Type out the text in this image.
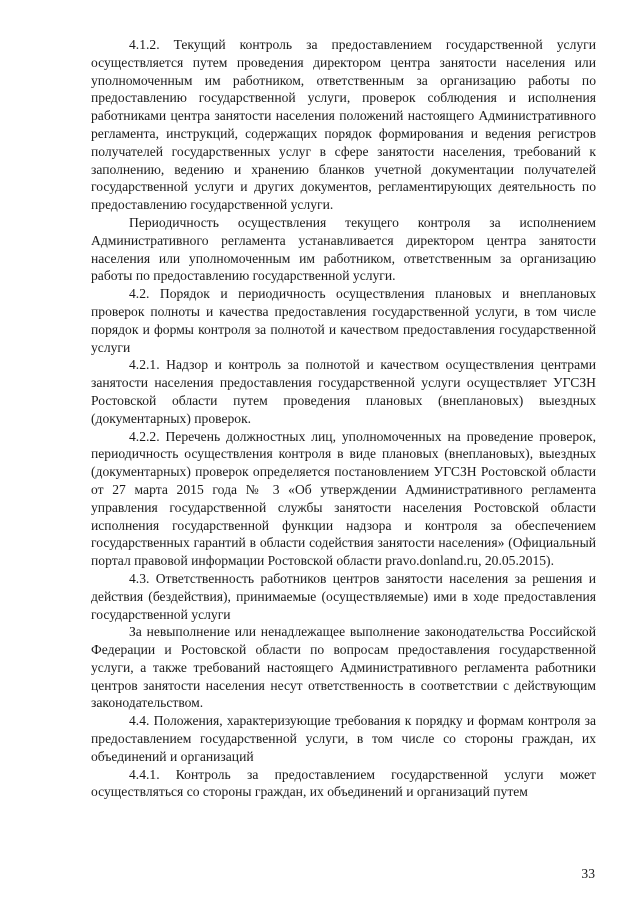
4.1.2. Текущий контроль за предоставлением государственной услуги осуществляется путем проведения директором центра занятости населения или уполномоченным им работником, ответственным за организацию работы по предоставлению государственной услуги, проверок соблюдения и исполнения работниками центра занятости населения положений настоящего Административного регламента, инструкций, содержащих порядок формирования и ведения регистров получателей государственных услуг в сфере занятости населения, требований к заполнению, ведению и хранению бланков учетной документации получателей государственной услуги и других документов, регламентирующих деятельность по предоставлению государственной услуги.

Периодичность осуществления текущего контроля за исполнением Административного регламента устанавливается директором центра занятости населения или уполномоченным им работником, ответственным за организацию работы по предоставлению государственной услуги.

4.2. Порядок и периодичность осуществления плановых и внеплановых проверок полноты и качества предоставления государственной услуги, в том числе порядок и формы контроля за полнотой и качеством предоставления государственной услуги

4.2.1. Надзор и контроль за полнотой и качеством осуществления центрами занятости населения предоставления государственной услуги осуществляет УГСЗН Ростовской области путем проведения плановых (внеплановых) выездных (документарных) проверок.

4.2.2. Перечень должностных лиц, уполномоченных на проведение проверок, периодичность осуществления контроля в виде плановых (внеплановых), выездных (документарных) проверок определяется постановлением УГСЗН Ростовской области от 27 марта 2015 года № 3 «Об утверждении Административного регламента управления государственной службы занятости населения Ростовской области исполнения государственной функции надзора и контроля за обеспечением государственных гарантий в области содействия занятости населения» (Официальный портал правовой информации Ростовской области pravo.donland.ru, 20.05.2015).

4.3. Ответственность работников центров занятости населения за решения и действия (бездействия), принимаемые (осуществляемые) ими в ходе предоставления государственной услуги

За невыполнение или ненадлежащее выполнение законодательства Российской Федерации и Ростовской области по вопросам предоставления государственной услуги, а также требований настоящего Административного регламента работники центров занятости населения несут ответственность в соответствии с действующим законодательством.

4.4. Положения, характеризующие требования к порядку и формам контроля за предоставлением государственной услуги, в том числе со стороны граждан, их объединений и организаций

4.4.1. Контроль за предоставлением государственной услуги может осуществляться со стороны граждан, их объединений и организаций путем

33
